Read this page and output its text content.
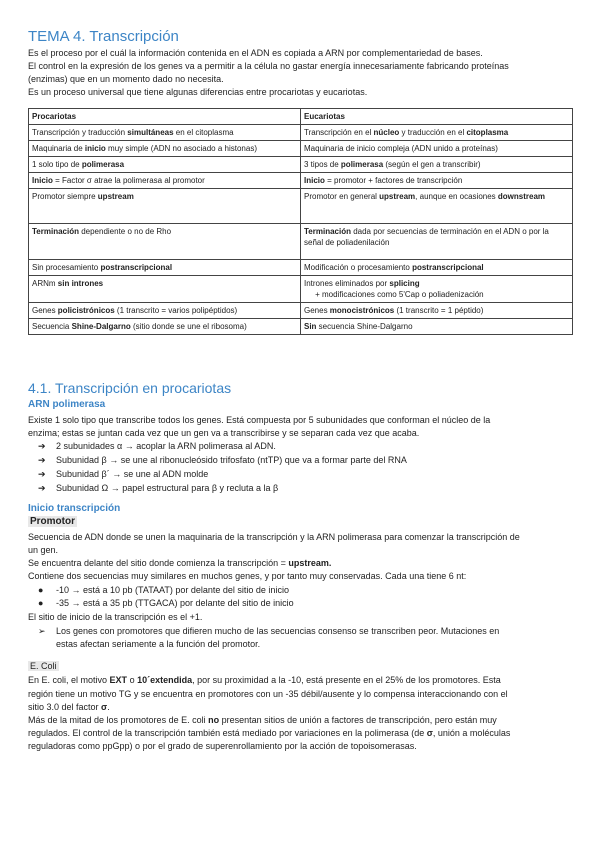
TEMA 4. Transcripción
Es el proceso por el cuál la información contenida en el ADN es copiada a ARN por complementariedad de bases.
El control en la expresión de los genes va a permitir a la célula no gastar energía innecesariamente fabricando proteínas
(enzimas) que en un momento dado no necesita.
Es un proceso universal que tiene algunas diferencias entre procariotas y eucariotas.
Procariotas	Eucariotas
Transcripción y traducción simultáneas en el citoplasma	Transcripción en el núcleo y traducción en el citoplasma
Maquinaria de inicio muy simple (ADN no asociado a histonas)	Maquinaria de inicio compleja (ADN unido a proteínas)
1 solo tipo de polimerasa	3 tipos de polimerasa (según el gen a transcribir)
Inicio = Factor σ atrae la polimerasa al promotor	Inicio = promotor + factores de transcripción
Promotor siempre upstream	Promotor en general upstream, aunque en ocasiones downstream
Terminación dependiente o no de Rho	Terminación dada por secuencias de terminación en el ADN o por la señal de poliadenilación
Sin procesamiento postranscripcional	Modificación o procesamiento postranscripcional
ARNm sin intrones	Intrones eliminados por splicing     + modificaciones como 5'Cap o poliadenización
Genes policistrónicos (1 transcrito = varios polipéptidos)	Genes monocistrónicos (1 transcrito = 1 péptido)
Secuencia Shine-Dalgarno (sitio donde se une el ribosoma)	Sin secuencia Shine-Dalgarno
4.1. Transcripción en procariotas
ARN polimerasa
Existe 1 solo tipo que transcribe todos los genes. Está compuesta por 5 subunidades que conforman el núcleo de la
enzima; estas se juntan cada vez que un gen va a transcribirse y se separan cada vez que acaba.
➔ 2 subunidades α → acoplar la ARN polimerasa al ADN.
➔ Subunidad β → se une al ribonucleósido trifosfato (ntTP) que va a formar parte del RNA
➔ Subunidad β´ → se une al ADN molde
➔ Subunidad Ω → papel estructural para β y recluta a la β
Inicio transcripción
Promotor
Secuencia de ADN donde se unen la maquinaria de la transcripción y la ARN polimerasa para comenzar la transcripción de
un gen.
Se encuentra delante del sitio donde comienza la transcripción = upstream.
Contiene dos secuencias muy similares en muchos genes, y por tanto muy conservadas. Cada una tiene 6 nt:
● -10 → está a 10 pb (TATAAT) por delante del sitio de inicio
● -35 → está a 35 pb (TTGACA) por delante del sitio de inicio
El sitio de inicio de la transcripción es el +1.
➢ Los genes con promotores que difieren mucho de las secuencias consenso se transcriben peor. Mutaciones en
estas afectan seriamente a la función del promotor.
E. Coli
En E. coli, el motivo EXT o 10´extendida, por su proximidad a la -10, está presente en el 25% de los promotores. Esta
región tiene un motivo TG y se encuentra en promotores con un -35 débil/ausente y lo compensa interaccionando con el
sitio 3.0 del factor σ.
Más de la mitad de los promotores de E. coli no presentan sitios de unión a factores de transcripción, pero están muy
regulados. El control de la transcripción también está mediado por variaciones en la polimerasa (de σ, unión a moléculas
reguladoras como ppGpp) o por el grado de superenrollamiento por la acción de topoisomerasas.
